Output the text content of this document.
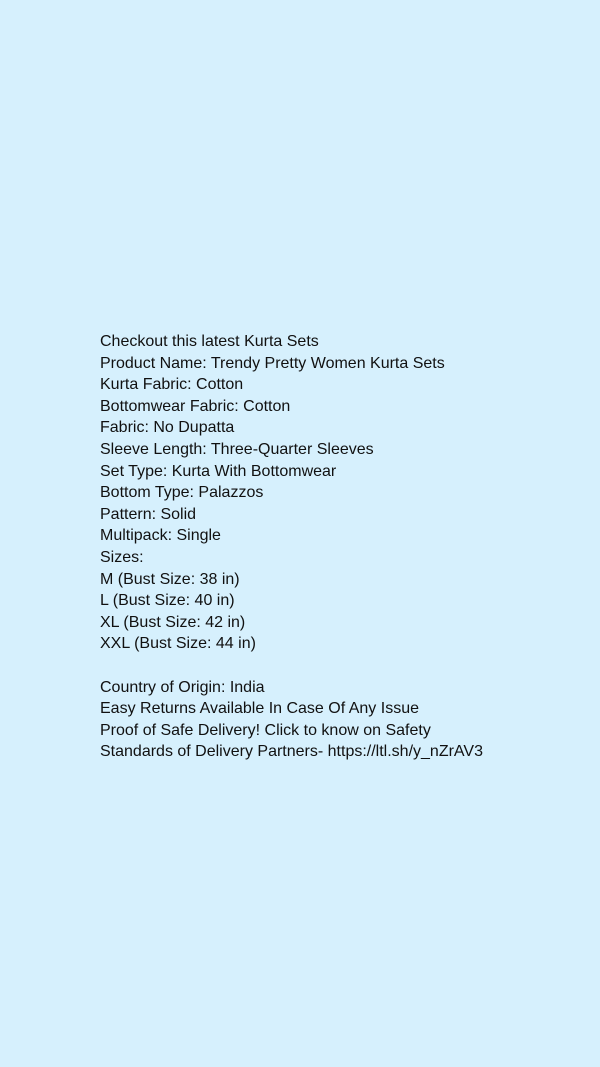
Checkout this latest Kurta Sets
Product Name: Trendy Pretty Women Kurta Sets
Kurta Fabric: Cotton
Bottomwear Fabric: Cotton
Fabric: No Dupatta
Sleeve Length: Three-Quarter Sleeves
Set Type: Kurta With Bottomwear
Bottom Type: Palazzos
Pattern: Solid
Multipack: Single
Sizes:
M (Bust Size: 38 in)
L (Bust Size: 40 in)
XL (Bust Size: 42 in)
XXL (Bust Size: 44 in)
Country of Origin: India
Easy Returns Available In Case Of Any Issue
Proof of Safe Delivery! Click to know on Safety
Standards of Delivery Partners- https://ltl.sh/y_nZrAV3
